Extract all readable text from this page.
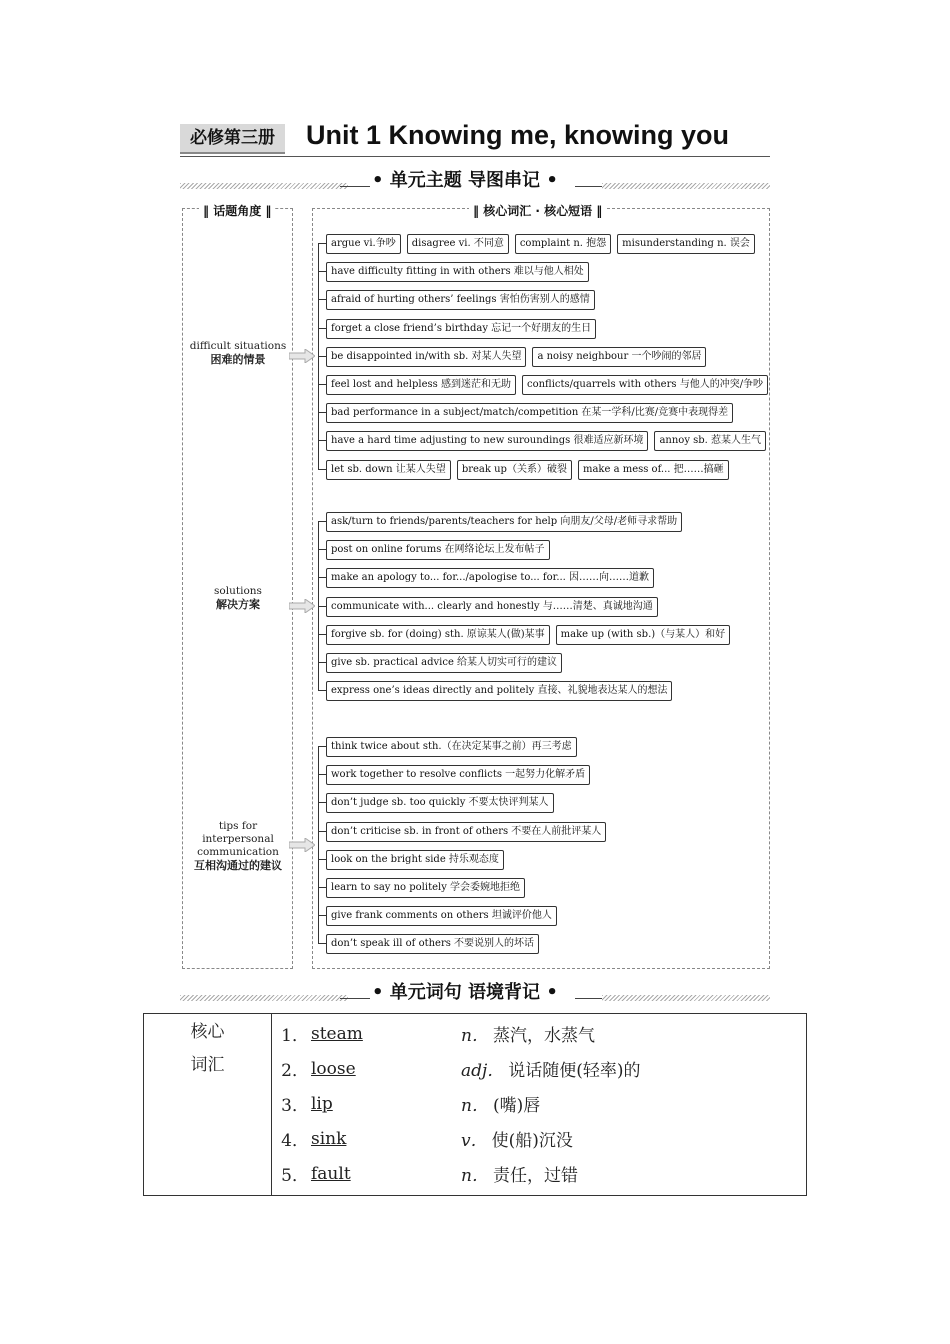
必修第三册	Unit 1 Knowing me, knowing you
• 单元主题 导图串记 •
‖ 话题角度 ‖	‖ 核心词汇 · 核心短语 ‖
difficult situations
困难的情景
argue vi.争吵	disagree vi. 不同意	complaint n. 抱怨	misunderstanding n. 误会
have difficulty fitting in with others 难以与他人相处
afraid of hurting others’ feelings 害怕伤害别人的感情
forget a close friend’s birthday 忘记一个好朋友的生日
be disappointed in/with sb. 对某人失望	a noisy neighbour 一个吵闹的邻居
feel lost and helpless 感到迷茫和无助	conflicts/quarrels with others 与他人的冲突/争吵
bad performance in a subject/match/competition 在某一学科/比赛/竞赛中表现得差
have a hard time adjusting to new suroundings 很难适应新环境	annoy sb. 惹某人生气
let sb. down 让某人失望	break up（关系）破裂	make a mess of... 把……搞砸
solutions
解决方案
ask/turn to friends/parents/teachers for help 向朋友/父母/老师寻求帮助
post on online forums 在网络论坛上发布帖子
make an apology to... for.../apologise to... for... 因……向……道歉
communicate with... clearly and honestly 与……清楚、真诚地沟通
forgive sb. for (doing) sth. 原谅某人(做)某事	make up (with sb.)（与某人）和好
give sb. practical advice 给某人切实可行的建议
express one’s ideas directly and politely 直接、礼貌地表达某人的想法
tips for interpersonal communication
互相沟通过的建议
think twice about sth.（在决定某事之前）再三考虑
work together to resolve conflicts 一起努力化解矛盾
don’t judge sb. too quickly 不要太快评判某人
don’t criticise sb. in front of others 不要在人前批评某人
look on the bright side 持乐观态度
learn to say no politely 学会委婉地拒绝
give frank comments on others 坦诚评价他人
don’t speak ill of others 不要说别人的坏话
• 单元词句 语境背记 •
核心
词汇

1． steam	n． 蒸汽，水蒸气
2． loose	adj． 说话随便(轻率)的
3． lip	n． (嘴)唇
4． sink	v． 使(船)沉没
5． fault	n． 责任，过错
